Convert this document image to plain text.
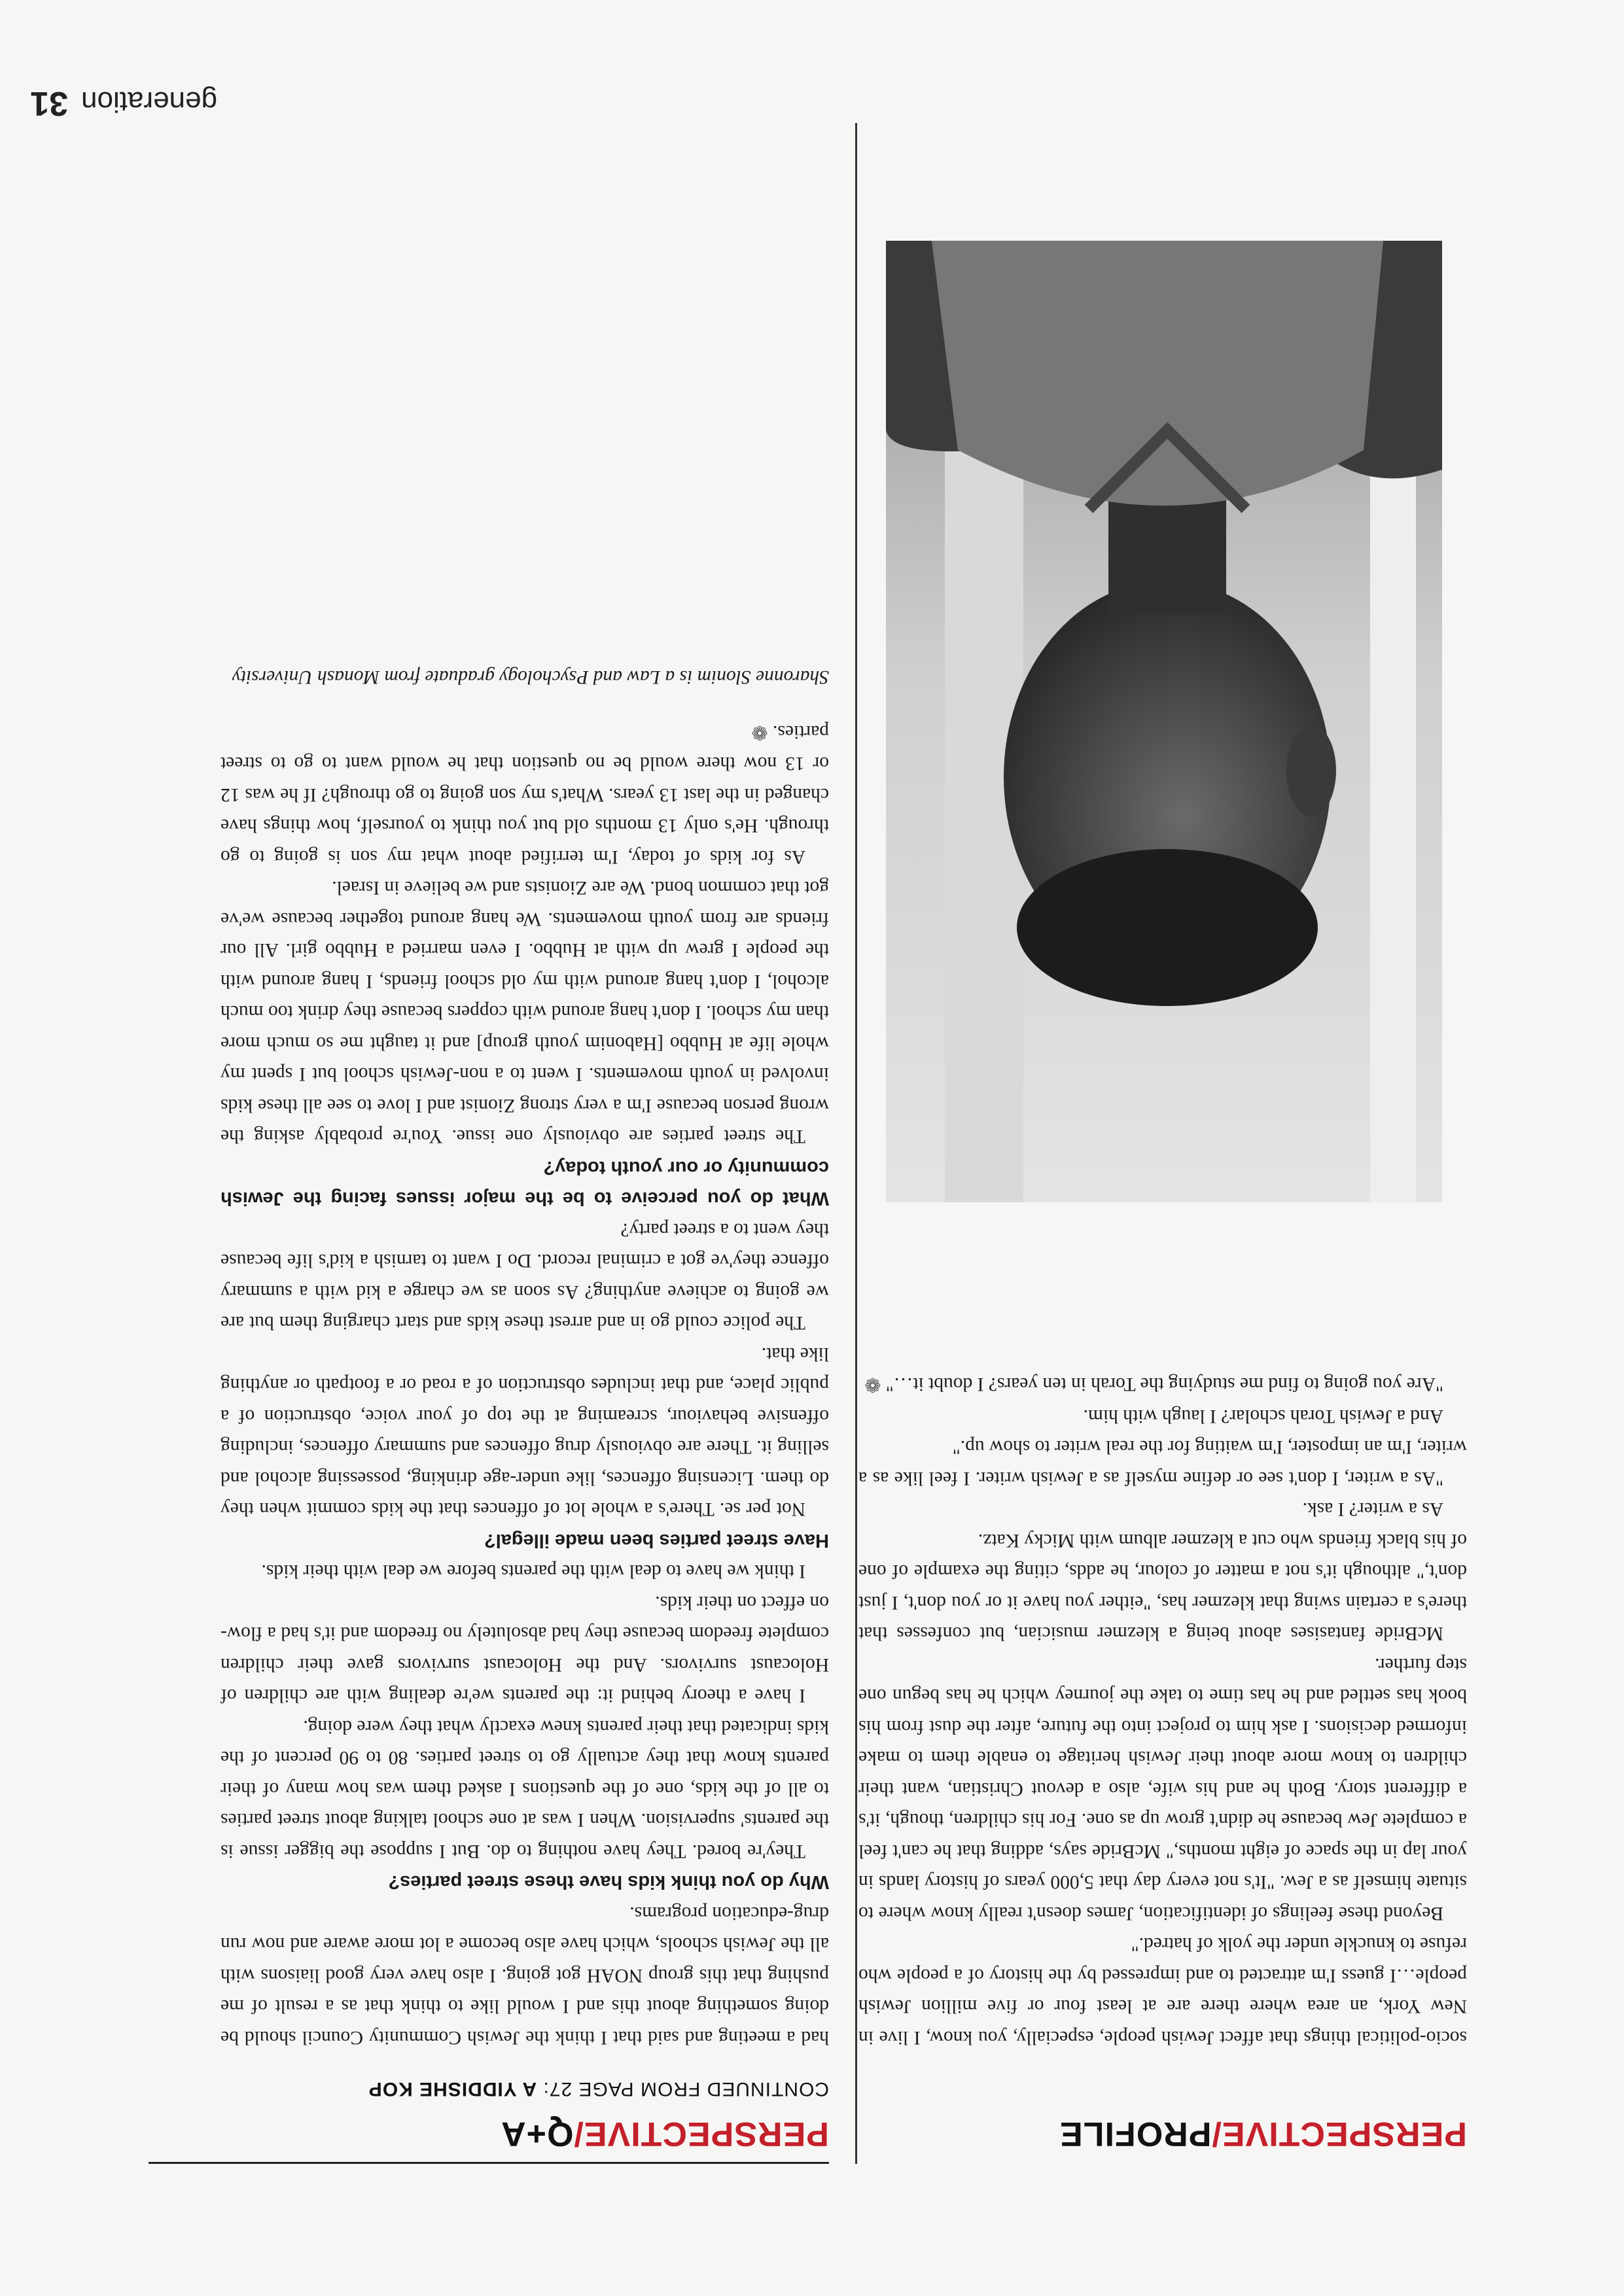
PERSPECTIVE/PROFILE
PERSPECTIVE/Q+A
CONTINUED FROM PAGE 27: A YIDDISHE KOP

socio-political things that affect Jewish people, especially, you know, I live in New York, an area where there are at least four or five million Jewish people…I guess I'm attracted to and impressed by the history of a people who refuse to knuckle under the yolk of hatred."

Beyond these feelings of identification, James doesn't really know where to situate himself as a Jew. "It's not every day that 5,000 years of history lands in your lap in the space of eight months," McBride says, adding that he can't feel a complete Jew because he didn't grow up as one. For his children, though, it's a different story. Both he and his wife, also a devout Christian, want their children to know more about their Jewish heritage to enable them to make informed decisions. I ask him to project into the future, after the dust from his book has settled and he has time to take the journey which he has begun one step further.

McBride fantasises about being a klezmer musician, but confesses that there's a certain swing that klezmer has, "either you have it or you don't, I just don't," although it's not a matter of colour, he adds, citing the example of one of his black friends who cut a klezmer album with Micky Katz.

As a writer? I ask.

"As a writer, I don't see or define myself as a Jewish writer. I feel like as a writer, I'm an imposter, I'm waiting for the real writer to show up."

And a Jewish Torah scholar? I laugh with him.

"Are you going to find me studying the Torah in ten years? I doubt it…" ❁

had a meeting and said that I think the Jewish Community Council should be doing something about this and I would like to think that as a result of me pushing that this group NOAH got going. I also have very good liaisons with all the Jewish schools, which have also become a lot more aware and now run drug-education programs.

Why do you think kids have these street parties?

They're bored. They have nothing to do. But I suppose the bigger issue is the parents' supervision. When I was at one school talking about street parties to all of the kids, one of the questions I asked them was how many of their parents know that they actually go to street parties. 80 to 90 percent of the kids indicated that their parents knew exactly what they were doing.

I have a theory behind it: the parents we're dealing with are children of Holocaust survivors. And the Holocaust survivors gave their children complete freedom because they had absolutely no freedom and it's had a flow-on effect on their kids.

I think we have to deal with the parents before we deal with their kids.

Have street parties been made illegal?

Not per se. There's a whole lot of offences that the kids commit when they do them. Licensing offences, like under-age drinking, possessing alcohol and selling it. There are obviously drug offences and summary offences, including offensive behaviour, screaming at the top of your voice, obstruction of a public place, and that includes obstruction of a road or a footpath or anything like that.

The police could go in and arrest these kids and start charging them but are we going to achieve anything? As soon as we charge a kid with a summary offence they've got a criminal record. Do I want to tarnish a kid's life because they went to a street party?

What do you perceive to be the major issues facing the Jewish community or our youth today?

The street parties are obviously one issue. You're probably asking the wrong person because I'm a very strong Zionist and I love to see all these kids involved in youth movements. I went to a non-Jewish school but I spent my whole life at Hubbo [Habonim youth group] and it taught me so much more than my school. I don't hang around with coppers because they drink too much alcohol, I don't hang around with my old school friends, I hang around with the people I grew up with at Hubbo. I even married a Hubbo girl. All our friends are from youth movements. We hang around together because we've got that common bond. We are Zionists and we believe in Israel.

As for kids of today, I'm terrified about what my son is going to go through. He's only 13 months old but you think to yourself, how things have changed in the last 13 years. What's my son going to go through? If he was 12 or 13 now there would be no question that he would want to go to street parties. ❁

Sharonne Slonim is a Law and Psychology graduate from Monash University

generation31
